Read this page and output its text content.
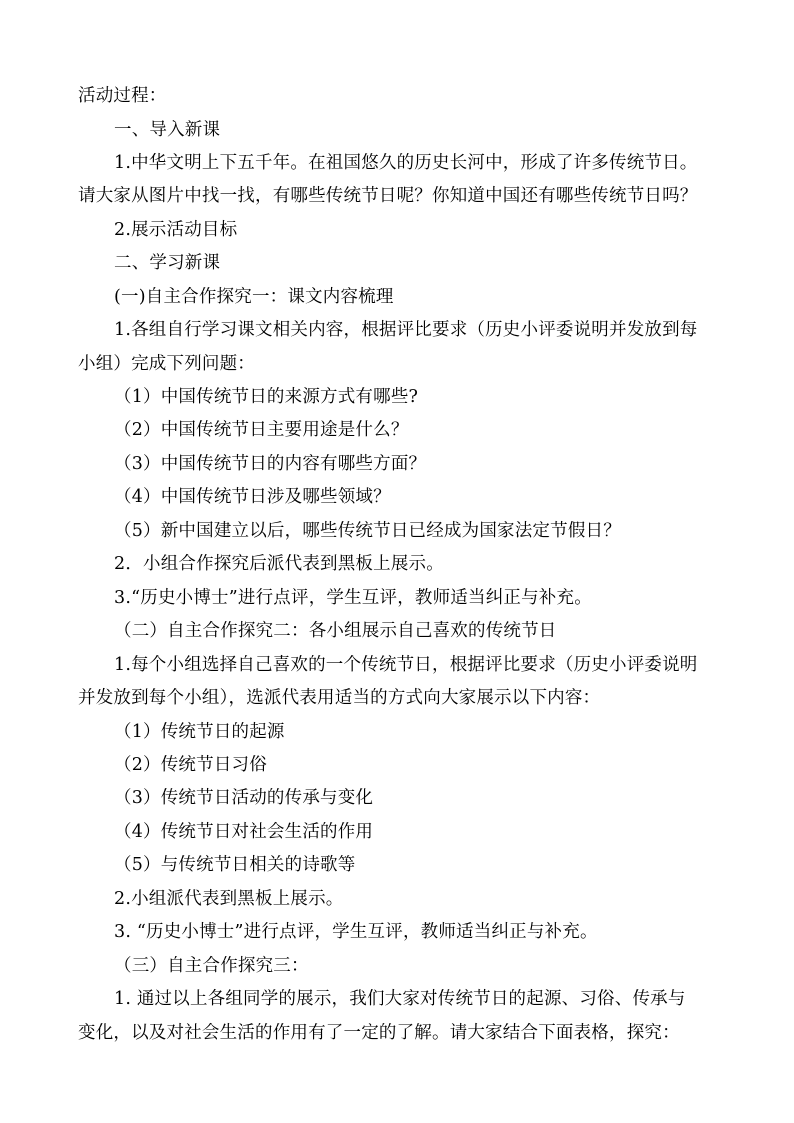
活动过程：
一、导入新课
1.中华文明上下五千年。在祖国悠久的历史长河中，形成了许多传统节日。
请大家从图片中找一找，有哪些传统节日呢？你知道中国还有哪些传统节日吗？
2.展示活动目标
二、学习新课
(一)自主合作探究一：课文内容梳理
1.各组自行学习课文相关内容，根据评比要求（历史小评委说明并发放到每
小组）完成下列问题：
（1）中国传统节日的来源方式有哪些?
（2）中国传统节日主要用途是什么？
（3）中国传统节日的内容有哪些方面？
（4）中国传统节日涉及哪些领域？
（5）新中国建立以后，哪些传统节日已经成为国家法定节假日？
2．小组合作探究后派代表到黑板上展示。
3.“历史小博士”进行点评，学生互评，教师适当纠正与补充。
（二）自主合作探究二：各小组展示自己喜欢的传统节日
1.每个小组选择自己喜欢的一个传统节日，根据评比要求（历史小评委说明
并发放到每个小组），选派代表用适当的方式向大家展示以下内容：
（1）传统节日的起源
（2）传统节日习俗
（3）传统节日活动的传承与变化
（4）传统节日对社会生活的作用
（5）与传统节日相关的诗歌等
2.小组派代表到黑板上展示。
3. “历史小博士”进行点评，学生互评，教师适当纠正与补充。
（三）自主合作探究三：
1. 通过以上各组同学的展示，我们大家对传统节日的起源、习俗、传承与
变化，以及对社会生活的作用有了一定的了解。请大家结合下面表格，探究：
